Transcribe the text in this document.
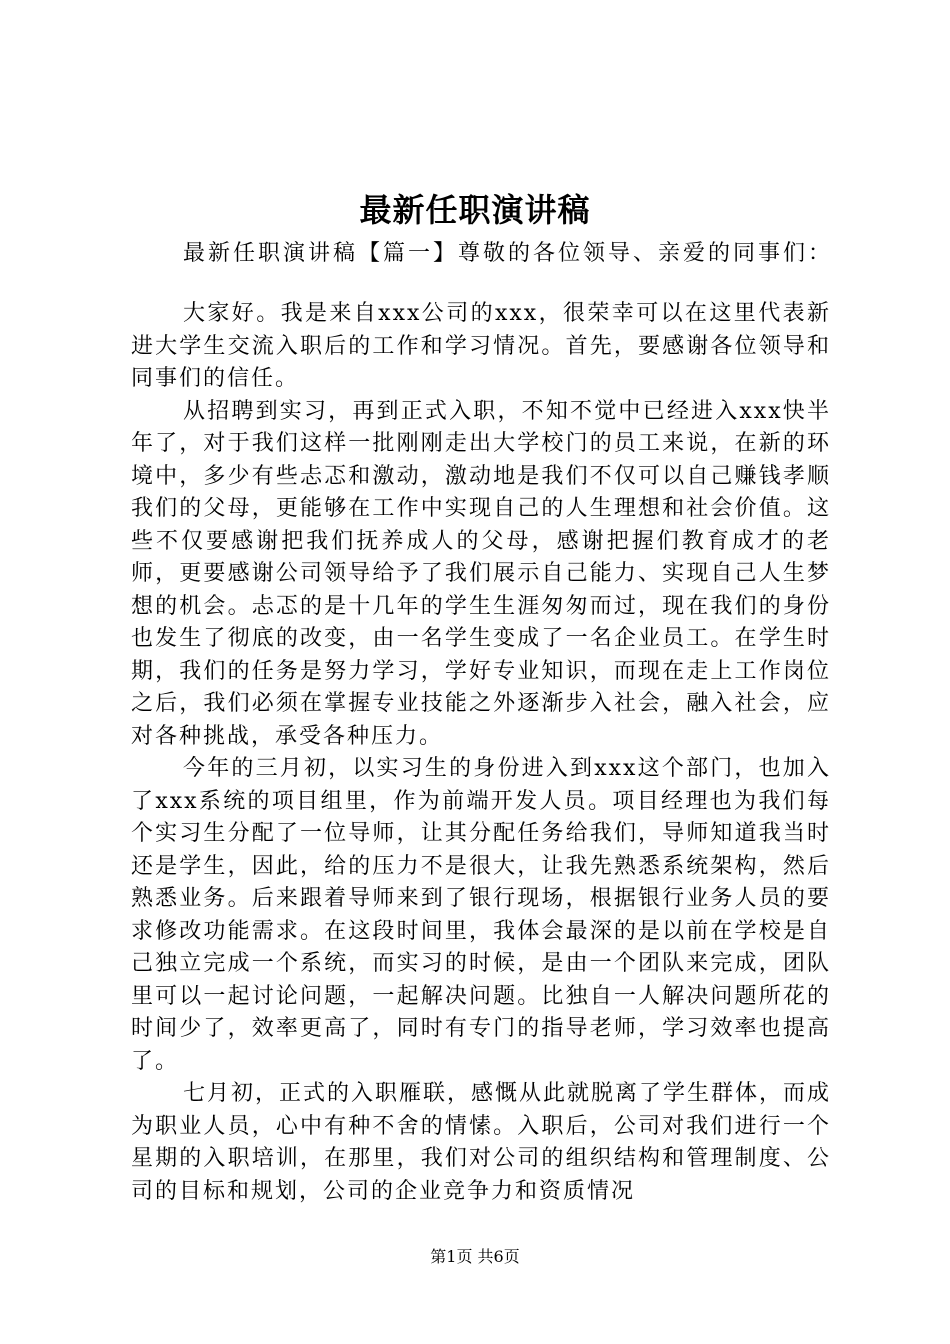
最新任职演讲稿
最新任职演讲稿【篇一】尊敬的各位领导、亲爱的同事们：

大家好。我是来自xxx公司的xxx，很荣幸可以在这里代表新进大学生交流入职后的工作和学习情况。首先，要感谢各位领导和同事们的信任。

从招聘到实习，再到正式入职，不知不觉中已经进入xxx快半年了，对于我们这样一批刚刚走出大学校门的员工来说，在新的环境中，多少有些忐忑和激动，激动地是我们不仅可以自己赚钱孝顺我们的父母，更能够在工作中实现自己的人生理想和社会价值。这些不仅要感谢把我们抚养成人的父母，感谢把握们教育成才的老师，更要感谢公司领导给予了我们展示自己能力、实现自己人生梦想的机会。忐忑的是十几年的学生生涯匆匆而过，现在我们的身份也发生了彻底的改变，由一名学生变成了一名企业员工。在学生时期，我们的任务是努力学习，学好专业知识，而现在走上工作岗位之后，我们必须在掌握专业技能之外逐渐步入社会，融入社会，应对各种挑战，承受各种压力。

今年的三月初，以实习生的身份进入到xxx这个部门，也加入了xxx系统的项目组里，作为前端开发人员。项目经理也为我们每个实习生分配了一位导师，让其分配任务给我们，导师知道我当时还是学生，因此，给的压力不是很大，让我先熟悉系统架构，然后熟悉业务。后来跟着导师来到了银行现场，根据银行业务人员的要求修改功能需求。在这段时间里，我体会最深的是以前在学校是自己独立完成一个系统，而实习的时候，是由一个团队来完成，团队里可以一起讨论问题，一起解决问题。比独自一人解决问题所花的时间少了，效率更高了，同时有专门的指导老师，学习效率也提高了。

七月初，正式的入职雁联，感慨从此就脱离了学生群体，而成为职业人员，心中有种不舍的情愫。入职后，公司对我们进行一个星期的入职培训，在那里，我们对公司的组织结构和管理制度、公司的目标和规划，公司的企业竞争力和资质情况

第1页 共6页
